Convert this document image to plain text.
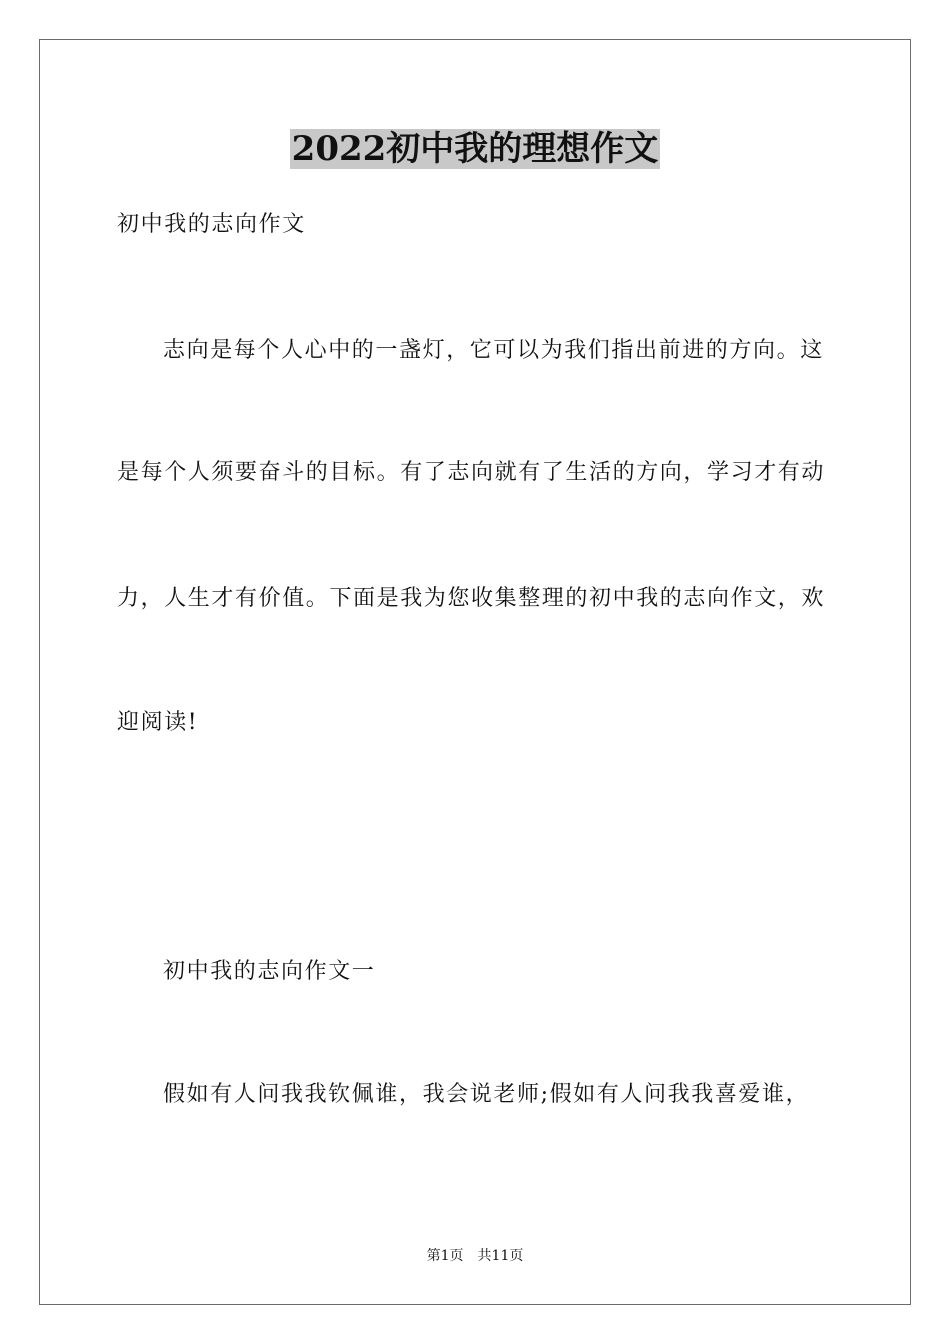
2022初中我的理想作文
初中我的志向作文
志向是每个人心中的一盏灯，它可以为我们指出前进的方向。这
是每个人须要奋斗的目标。有了志向就有了生活的方向，学习才有动
力，人生才有价值。下面是我为您收集整理的初中我的志向作文，欢
迎阅读!
初中我的志向作文一
假如有人问我我钦佩谁，我会说老师;假如有人问我我喜爱谁，
第1页 共11页
